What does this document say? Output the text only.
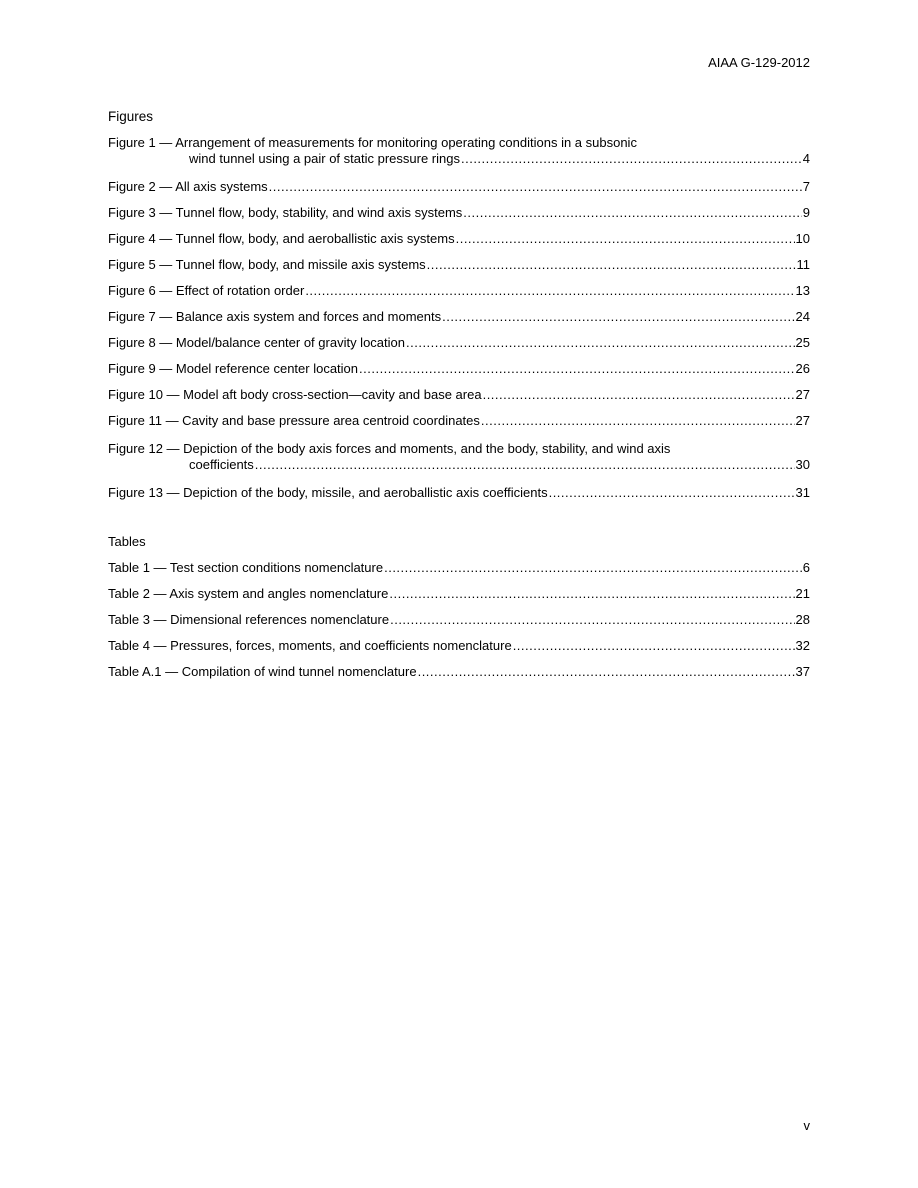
AIAA G-129-2012
Figures
Figure 1 — Arrangement of measurements for monitoring operating conditions in a subsonic
wind tunnel using a pair of static pressure rings .....	4
Figure 2 — All axis systems .....	7
Figure 3 — Tunnel flow, body, stability, and wind axis systems .....	9
Figure 4 — Tunnel flow, body, and aeroballistic axis systems .....	10
Figure 5 — Tunnel flow, body, and missile axis systems .....	11
Figure 6 — Effect of rotation order .....	13
Figure 7 — Balance axis system and forces and moments .....	24
Figure 8 — Model/balance center of gravity location .....	25
Figure 9 — Model reference center location .....	26
Figure 10 — Model aft body cross-section—cavity and base area .....	27
Figure 11 — Cavity and base pressure area centroid coordinates .....	27
Figure 12 — Depiction of the body axis forces and moments, and the body, stability, and wind axis
coefficients .....	30
Figure 13 — Depiction of the body, missile, and aeroballistic axis coefficients .....	31
Tables
Table 1 — Test section conditions nomenclature .....	6
Table 2 — Axis system and angles nomenclature .....	21
Table 3 — Dimensional references nomenclature .....	28
Table 4 — Pressures, forces, moments, and coefficients nomenclature .....	32
Table A.1 — Compilation of wind tunnel nomenclature .....	37
v
